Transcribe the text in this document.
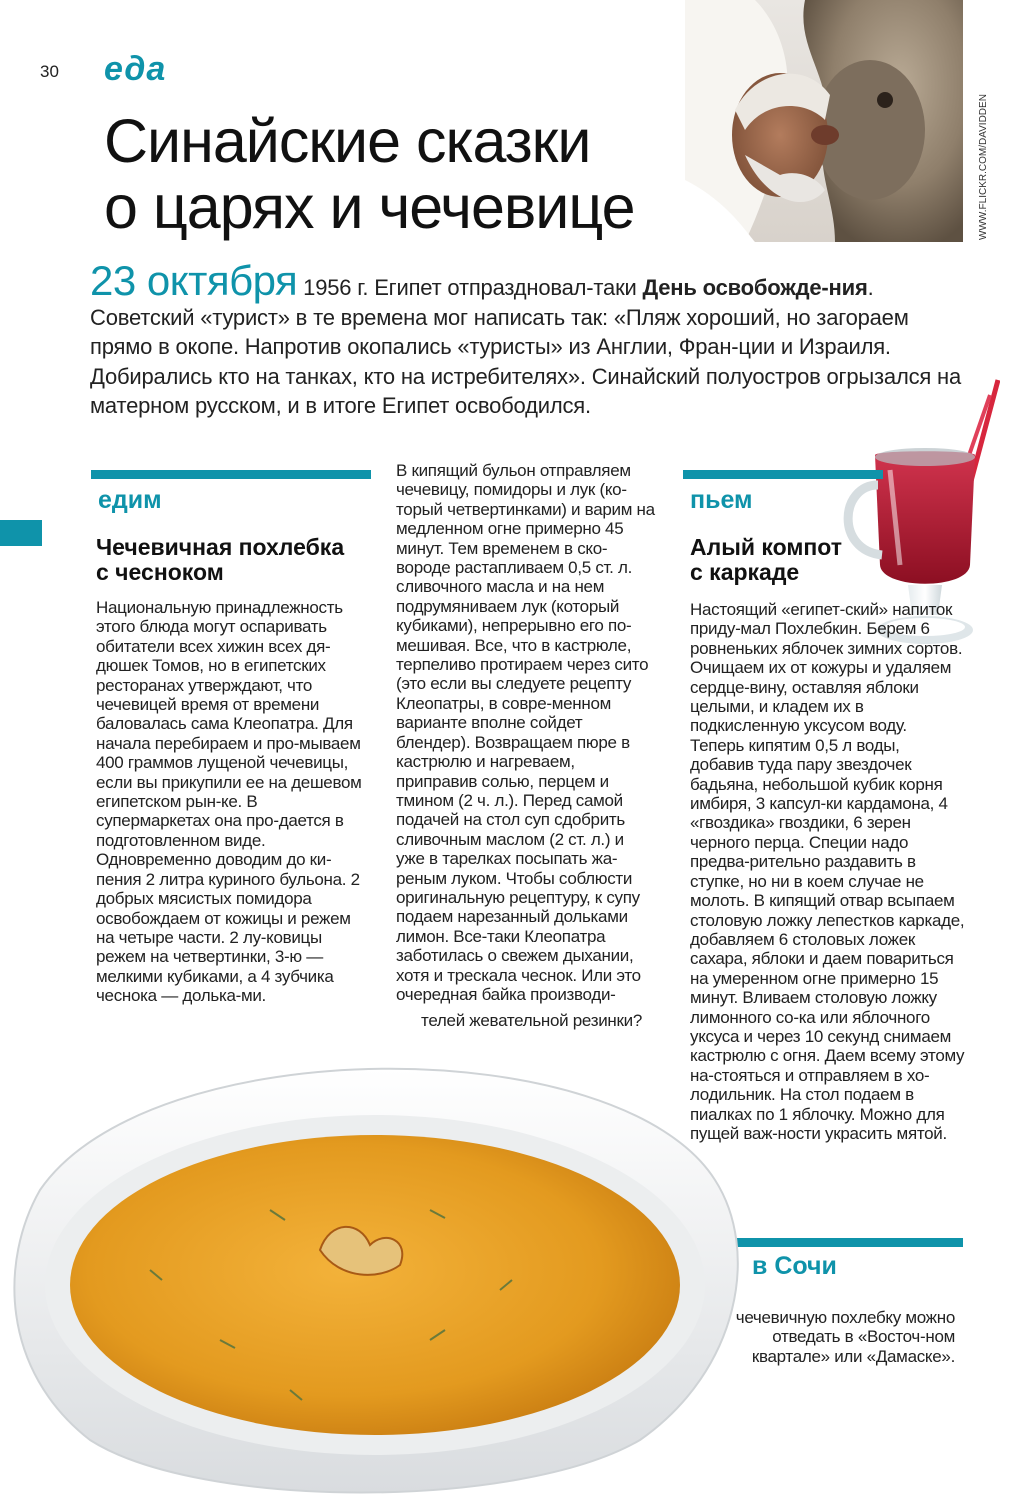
30 еда
WWW.FLICKR.COM/DAVIDDEN
Синайские сказки
о царях и чечевице
23 октября 1956 г. Египет отпраздновал-таки День освобожде-ния. Советский «турист» в те времена мог написать так: «Пляж хороший, но загораем прямо в окопе. Напротив окопались «туристы» из Англии, Фран-ции и Израиля. Добирались кто на танках, кто на истребителях». Синайский полуостров огрызался на матерном русском, и в итоге Египет освободился.
едим
Чечевичная похлебка
с чесноком
Национальную принадлежность этого блюда могут оспаривать обитатели всех хижин всех дя-дюшек Томов, но в египетских ресторанах утверждают, что чечевицей время от времени баловалась сама Клеопатра. Для начала перебираем и про-мываем 400 граммов лущеной чечевицы, если вы прикупили ее на дешевом египетском рын-ке. В супермаркетах она про-дается в подготовленном виде. Одновременно доводим до ки-пения 2 литра куриного бульона. 2 добрых мясистых помидора освобождаем от кожицы и режем на четыре части. 2 лу-ковицы режем на четвертинки, 3-ю — мелкими кубиками, а 4 зубчика чеснока — долька-ми.
В кипящий бульон отправляем чечевицу, помидоры и лук (ко-торый четвертинками) и варим на медленном огне примерно 45 минут. Тем временем в ско-вороде растапливаем 0,5 ст. л. сливочного масла и на нем подрумяниваем лук (который кубиками), непрерывно его по-мешивая. Все, что в кастрюле, терпеливо протираем через сито (это если вы следуете рецепту Клеопатры, в совре-менном варианте вполне сойдет блендер). Возвращаем пюре в кастрюлю и нагреваем, приправив солью, перцем и тмином (2 ч. л.). Перед самой подачей на стол суп сдобрить сливочным маслом (2 ст. л.) и уже в тарелках посыпать жа-реным луком. Чтобы соблюсти оригинальную рецептуру, к супу подаем нарезанный дольками лимон. Все-таки Клеопатра заботилась о свежем дыхании, хотя и трескала чеснок. Или это очередная байка производи-
телей жевательной резинки?
пьем
Алый компот
с каркаде
Настоящий «египет-ский» напиток приду-мал Похлебкин. Берем 6 ровненьких яблочек зимних сортов. Очищаем их от кожуры и удаляем сердце-вину, оставляя яблоки целыми, и кладем их в подкисленную уксусом воду. Теперь кипятим 0,5 л воды, добавив туда пару звездочек бадьяна, небольшой кубик корня имбиря, 3 капсул-ки кардамона, 4 «гвоздика» гвоздики, 6 зерен черного перца. Специи надо предва-рительно раздавить в ступке, но ни в коем случае не молоть. В кипящий отвар всыпаем столовую ложку лепестков каркаде, добавляем 6 столовых ложек сахара, яблоки и даем повариться на умеренном огне примерно 15 минут. Вливаем столовую ложку лимонного со-ка или яблочного уксуса и через 10 секунд снимаем кастрюлю с огня. Даем всему этому на-стояться и отправляем в хо-лодильник. На стол подаем в пиалках по 1 яблочку. Можно для пущей важ-ности украсить мятой.
в Сочи
чечевичную похлебку можно отведать в «Восточ-ном квартале» или «Дамаске».
